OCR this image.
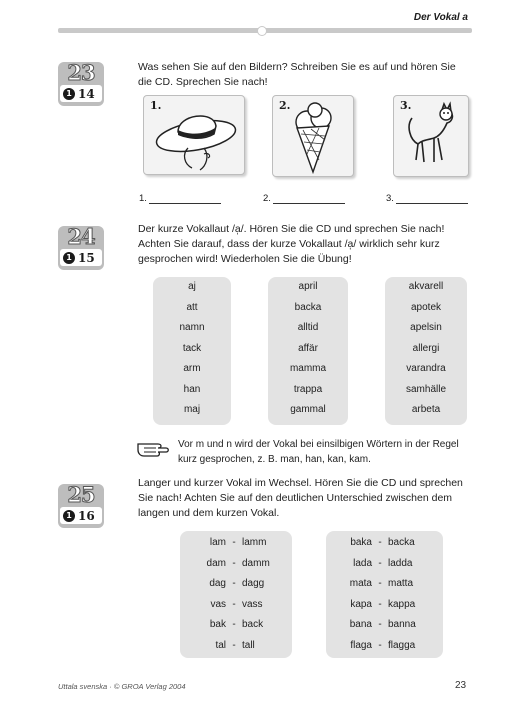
Der Vokal a
23
1 14
Was sehen Sie auf den Bildern? Schreiben Sie es auf und hören Sie die CD. Sprechen Sie nach!
1.	2.	3.
1.	2.	3.
24
1 15
Der kurze Vokallaut /a̩/. Hören Sie die CD und sprechen Sie nach! Achten Sie darauf, dass der kurze Vokallaut /a̩/ wirklich sehr kurz gesprochen wird! Wiederholen Sie die Übung!
aj
att
namn
tack
arm
han
maj
april
backa
alltid
affär
mamma
trappa
gammal
akvarell
apotek
apelsin
allergi
varandra
samhälle
arbeta
Vor m und n wird der Vokal bei einsilbigen Wörtern in der Regel kurz gesprochen, z. B. man, han, kan, kam.
25
1 16
Langer und kurzer Vokal im Wechsel. Hören Sie die CD und sprechen Sie nach! Achten Sie auf den deutlichen Unterschied zwischen dem langen und dem kurzen Vokal.
lam - lamm
dam - damm
dag - dagg
vas - vass
bak - back
tal - tall
baka - backa
lada - ladda
mata - matta
kapa - kappa
bana - banna
flaga - flagga
Uttala svenska · © GROA Verlag 2004	23
